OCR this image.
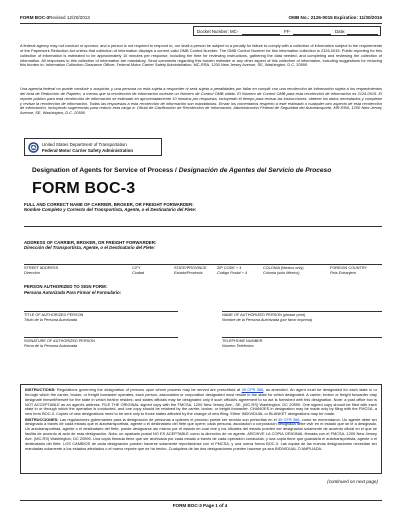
FORM BOC-3 Revised 12/20/2013	OMB No.: 2126-0015 Expiration: 11/30/2016
Docket Number: MC-	FF-	Date:
A federal agency may not conduct or sponsor, and a person is not required to respond to, nor shall a person be subject to a penalty for failure to comply with a collection of information subject to the requirements of the Paperwork Reduction Act unless that collection of information displays a current valid OMB Control Number. The OMB Control Number for this information collection is 2126-0015. Public reporting for this collection of information is estimated to be approximately 10 minutes per response, including the time for reviewing instructions, gathering the data needed, and completing and reviewing the collection of information. All responses to this collection of information are mandatory. Send comments regarding this burden estimate or any other aspect of this collection of information, including suggestions for reducing this burden to: Information Collection Clearance Officer, Federal Motor Carrier Safety Administration, MC-RRA, 1200 New Jersey Avenue, SE, Washington, D.C. 20590.
Una agencia federal no puede conducir o auspiciar, y una persona no está sujeta a responder ni será sujeta a penalidades por fallar en cumplir con una recolección de información sujeta a los requerimientos del Acta de Reducción de Papeleo, a menos que la recolección de información muestre un Número de Control OMB válido. El Número de Control OMB para esta recolección de información es 2126-0015. El reporte público para esta recolección de información se estimado en aproximadamente 10 minutos por respuesta, incluyendo el tiempo para revisar las instrucciones, obtener los datos necesitados y completar y revisar la recolección de información. Todas las respuestas a esta recolección de información son mandatorias. Enviar los comentarios respecto a este estimado o cualquier otro aspecto de esta recolección de información, incluyendo sugerencias para reducir esta carga a: Oficial de Clarificación de Recolección de Información, Administración Federal de Seguridad del Autotransporte, MR-RRA, 1200 New Jersey Avenue, SE, Washington, D.C. 20590.
United States Department of Transportation
Federal Motor Carrier Safety Administration
Designation of Agents for Service of Process / Designación de Agentes del Servicio de Proceso
FORM BOC-3
FULL AND CORRECT NAME OF CARRIER, BROKER, OR FREIGHT FORWARDER:
Nombre Completo y Correcto del Transportista, Agente, o el Destinatario del Flete:
ADDRESS OF CARRIER, BROKER, OR FREIGHT FORWARDER:
Dirección del Transportista, Agente, o el Destinatario del Flete:
STREET ADDRESS
Dirección
CITY
Ciudad
STATE/PROVINCE
Estado/Provincia
ZIP CODE + 4
Código Postal + 4
COLONIA (Mexico only)
Colonia (sólo México)
FOREIGN COUNTRY
País Extranjero
PERSON AUTHORIZED TO SIGN FORM:
Persona Autorizada Para Firmar el Formulario:
TITLE OF AUTHORIZED PERSON
Título de la Persona Autorizada
NAME OF AUTHORIZED PERSON (please print)
Nombre de la Persona Autorizada (por favor imprima)
SIGNATURE OF AUTHORIZED PERSON
Firma de la Persona Autorizada
TELEPHONE NUMBER
Número Telefónico

INSTRUCTIONS: Regulations governing the designation of persons upon whom process may be served are prescribed at 49 CFR 366, as amended. An agent must be designated for each state in or through which the carrier, broker, or freight forwarder operates; each person, association or corporation designated must reside in the state for which designated. A carrier, broker or freight forwarder may designate himself/herself for the state in which he/she resides; and states officials may be designated only if such official's agreement to so act is furnished with this designation. Note: a post office box is NOT ACCEPTABLE as an agent's address. FILE THE ORIGINAL signed copy with the FMCSA, 1200 New Jersey Ave., SE, (MC-RS) Washington, DC 20590. One signed copy should be filed with each state in or through which the operation is conducted, and one copy should be retained by the carrier, broker, or freight forwarder. CHANGES in designation may be made only by filing with the FMCSA, a new form BOC-3. Copies of new designations need to be sent only to those states affected by the change of new filing. Either INDIVIDUAL or BLANKET designations may be made.

INSTRUCCIONES: Las regulaciones gobernantes para la designación de personas a quienes el proceso puede ser servido son prescritas en el 49 CFR 366, como se enmendaron. Un agente debe ser designado a través de cada estado que el autotransportista, agente o el destinatario del flete que opere; cada persona, asociación o corporación designada debe vivir en el estado que se le a designado. Un autotransportista, agente o el destinatario del flete, puede designarse así mismo por el estado en cual vive y los oficiales del estado pueden ser designados solamente de acuerdo oficial en el que se facilita de acuerdo al acto de esta designación. Nota: un apartado postal NO ES ACEPTABLE como la dirección de un agente. ARCHIVE LA COPIA ORIGINAL firmada con el FMCSA, 1200 New Jersey Ave. (MC-RS) Washington, DC 20590. Una copia firmada tiene que ser archivada por cada estado a través de cada operación conducida; y una copia tiene que guardarla el autotransportista, agente o el destinatario del flete. LOS CAMBIOS de cada designación pueden hacerse solamente reportándose con el FMCSA, y una nueva forma BOC-3. Las copias de las nuevas designaciones necesitan ser mandadas solamente a los estados afectados o el nuevo reporte que se ha hecho. Cualquiera de las dos designaciones pueden hacerse ya sea INDIVIDUAL O AMPLIADA.

(continued on next page)
FORM BOC-3 Page 1 of 4
